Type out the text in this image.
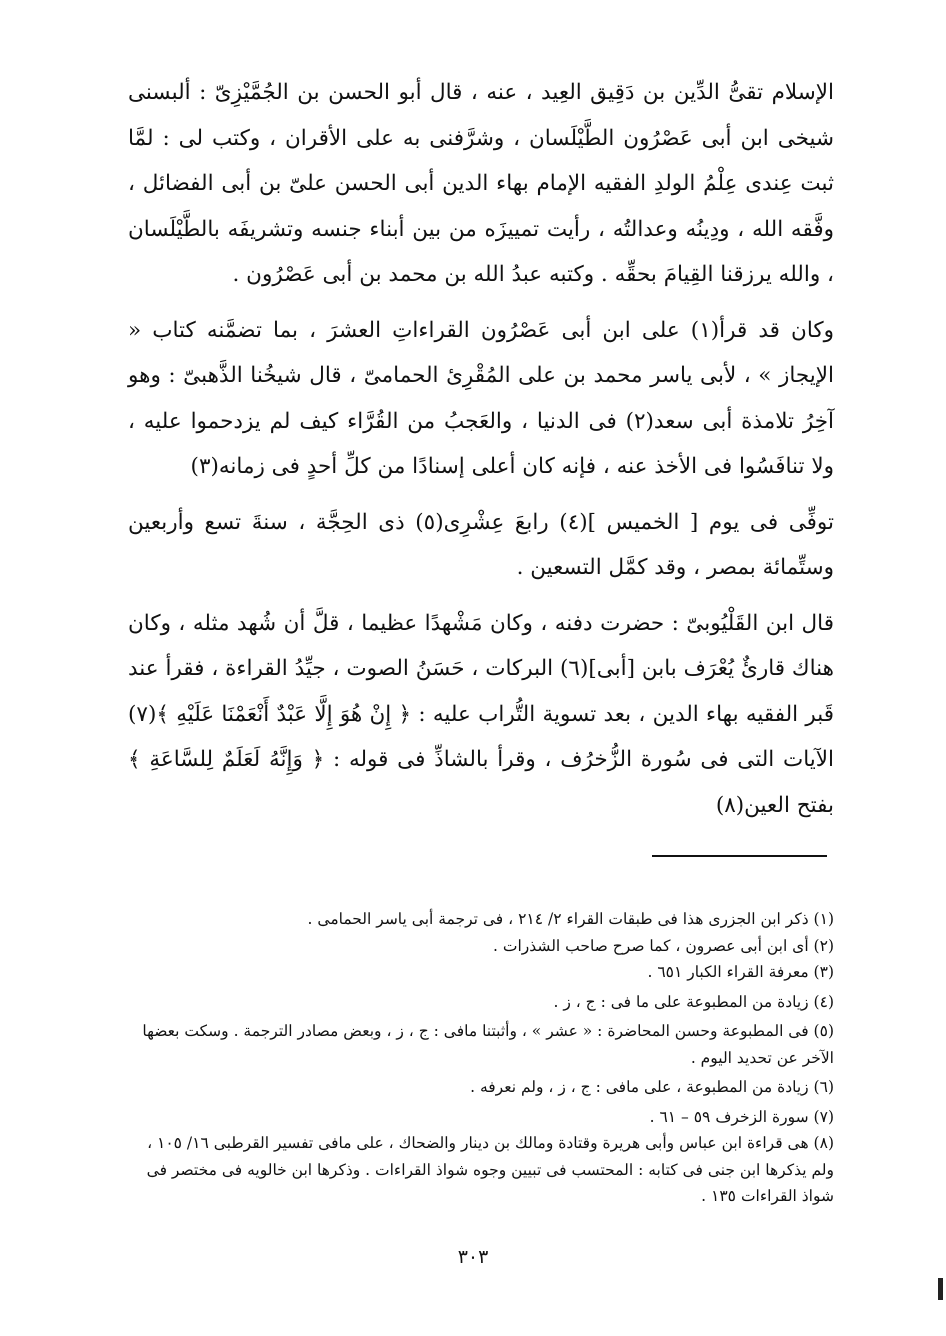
الإسلام تقىُّ الدِّين بن دَقِيق العِيد ، عنه ، قال أبو الحسن بن الجُمَّيْزِىّ : ألبسنى شيخى ابن أبى عَصْرُون الطَّيْلَسان ، وشرَّفنى به على الأقران ، وكتب لى : لمَّا ثبت عِندى عِلْمُ الولدِ الفقيه الإمام بهاء الدين أبى الحسن علىّ بن أبى الفضائل ، وفَّقه الله ، ودِينُه وعدالتُه ، رأيت تمييزَه من بين أبناء جنسه وتشريفَه بالطَّيْلَسان ، والله يرزقنا القِيامَ بحقِّه . وكتبه عبدُ الله بن محمد بن أبى عَصْرُون .

وكان قد قرأ(١) على ابن أبى عَصْرُون القراءاتِ العشرَ ، بما تضمَّنه كتاب « الإيجاز » ، لأبى ياسر محمد بن على المُقْرِئ الحمامىّ ، قال شيخُنا الذَّهبىّ : وهو آخِرُ تلامذة أبى سعد(٢) فى الدنيا ، والعَجبُ من القُرَّاء كيف لم يزدحموا عليه ، ولا تنافَسُوا فى الأخذ عنه ، فإنه كان أعلى إسنادًا من كلِّ أحدٍ فى زمانه(٣)

توفِّى فى يوم [ الخميس ](٤) رابعَ عِشْرِى(٥) ذى الحِجَّة ، سنةَ تسع وأربعين وستِّمائة بمصر ، وقد كمَّل التسعين .

قال ابن القَلْيُوبىّ : حضرت دفنه ، وكان مَشْهدًا عظيما ، قلَّ أن شُهد مثله ، وكان هناك قارئٌ يُعْرَف بابن [أبى](٦) البركات ، حَسَنُ الصوت ، جيِّدُ القراءة ، فقرأ عند قَبر الفقيه بهاء الدين ، بعد تسوية التُّراب عليه : ﴿ إِنْ هُوَ إِلَّا عَبْدٌ أَنْعَمْنَا عَلَيْهِ ﴾(٧) الآيات التى فى سُورة الزُّخرُف ، وقرأ بالشاذِّ فى قوله : ﴿ وَإِنَّهُ لَعَلَمٌ لِلسَّاعَةِ ﴾ بفتح العين(٨)

(١) ذكر ابن الجزرى هذا فى طبقات القراء ٢/ ٢١٤ ، فى ترجمة أبى ياسر الحمامى .

(٢) أى ابن أبى عصرون ، كما صرح صاحب الشذرات .

(٣) معرفة القراء الكبار ٦٥١ .

(٤) زيادة من المطبوعة على ما فى : ج ، ز .

(٥) فى المطبوعة وحسن المحاضرة : « عشر » ، وأثبتنا مافى : ج ، ز ، وبعض مصادر الترجمة . وسكت بعضها الآخر عن تحديد اليوم .

(٦) زيادة من المطبوعة ، على مافى : ج ، ز ، ولم نعرفه .

(٧) سورة الزخرف ٥٩ – ٦١ .

(٨) هى قراءة ابن عباس وأبى هريرة وقتادة ومالك بن دينار والضحاك ، على مافى تفسير القرطبى ١٦/ ١٠٥ ، ولم يذكرها ابن جنى فى كتابه : المحتسب فى تبيين وجوه شواذ القراءات . وذكرها ابن خالويه فى مختصر فى شواذ القراءات ١٣٥ .

٣٠٣
